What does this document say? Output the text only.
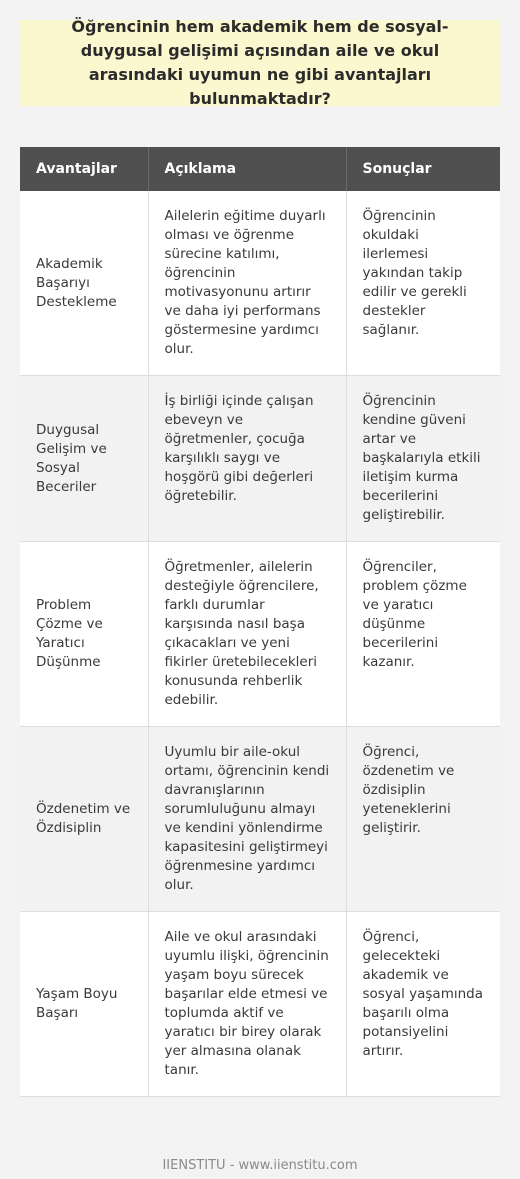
Öğrencinin hem akademik hem de sosyal-duygusal gelişimi açısından aile ve okul arasındaki uyumun ne gibi avantajları bulunmaktadır?
Avantajlar	Açıklama	Sonuçlar
Akademik Başarıyı Destekleme	Ailelerin eğitime duyarlı olması ve öğrenme sürecine katılımı, öğrencinin motivasyonunu artırır ve daha iyi performans göstermesine yardımcı olur.	Öğrencinin okuldaki ilerlemesi yakından takip edilir ve gerekli destekler sağlanır.
Duygusal Gelişim ve Sosyal Beceriler	İş birliği içinde çalışan ebeveyn ve öğretmenler, çocuğa karşılıklı saygı ve hoşgörü gibi değerleri öğretebilir.	Öğrencinin kendine güveni artar ve başkalarıyla etkili iletişim kurma becerilerini geliştirebilir.
Problem Çözme ve Yaratıcı Düşünme	Öğretmenler, ailelerin desteğiyle öğrencilere, farklı durumlar karşısında nasıl başa çıkacakları ve yeni fikirler üretebilecekleri konusunda rehberlik edebilir.	Öğrenciler, problem çözme ve yaratıcı düşünme becerilerini kazanır.
Özdenetim ve Özdisiplin	Uyumlu bir aile-okul ortamı, öğrencinin kendi davranışlarının sorumluluğunu almayı ve kendini yönlendirme kapasitesini geliştirmeyi öğrenmesine yardımcı olur.	Öğrenci, özdenetim ve özdisiplin yeteneklerini geliştirir.
Yaşam Boyu Başarı	Aile ve okul arasındaki uyumlu ilişki, öğrencinin yaşam boyu sürecek başarılar elde etmesi ve toplumda aktif ve yaratıcı bir birey olarak yer almasına olanak tanır.	Öğrenci, gelecekteki akademik ve sosyal yaşamında başarılı olma potansiyelini artırır.
IIENSTITU - www.iienstitu.com
